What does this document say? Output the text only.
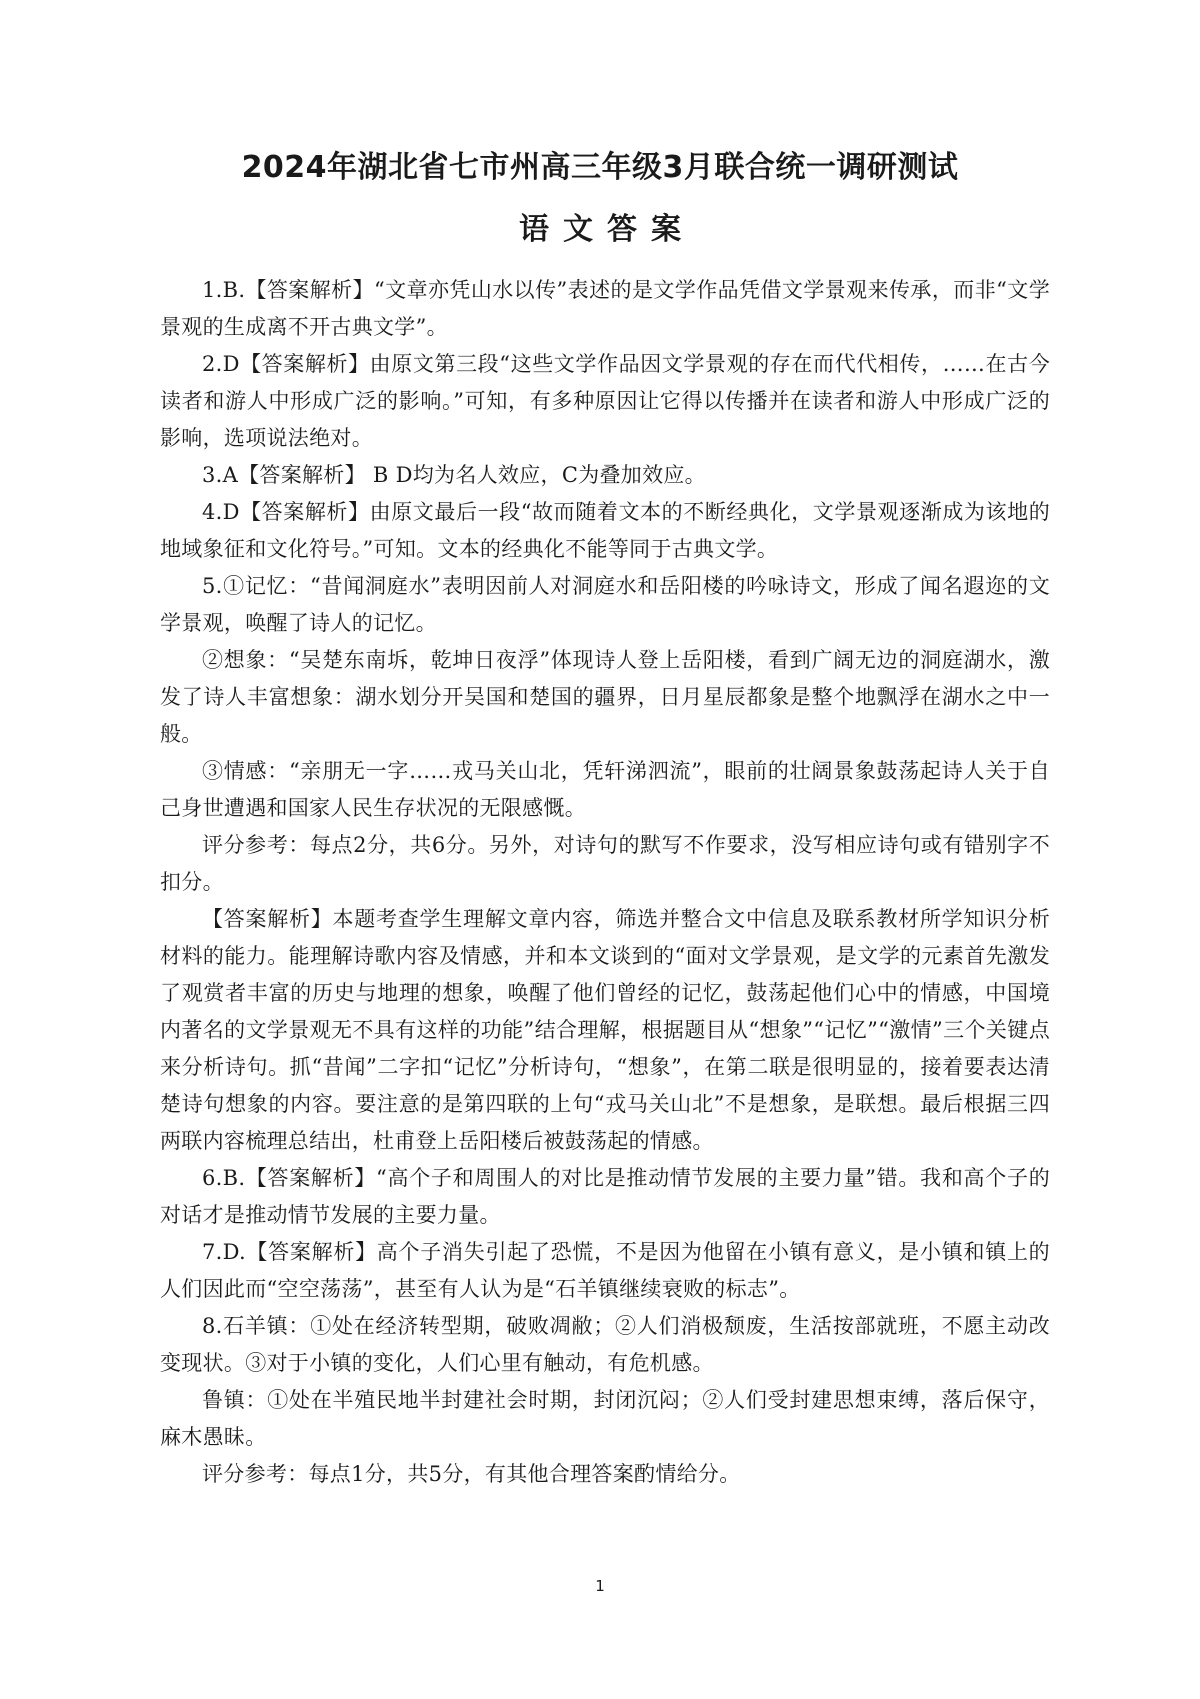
2024年湖北省七市州高三年级3月联合统一调研测试
语文答案

1.B.【答案解析】“文章亦凭山水以传”表述的是文学作品凭借文学景观来传承，而非“文学景观的生成离不开古典文学”。

2.D【答案解析】由原文第三段“这些文学作品因文学景观的存在而代代相传，……在古今读者和游人中形成广泛的影响。”可知，有多种原因让它得以传播并在读者和游人中形成广泛的影响，选项说法绝对。

3.A【答案解析】 B D均为名人效应，C为叠加效应。

4.D【答案解析】由原文最后一段“故而随着文本的不断经典化，文学景观逐渐成为该地的地域象征和文化符号。”可知。文本的经典化不能等同于古典文学。

5.①记忆：“昔闻洞庭水”表明因前人对洞庭水和岳阳楼的吟咏诗文，形成了闻名遐迩的文学景观，唤醒了诗人的记忆。

②想象：“吴楚东南坼，乾坤日夜浮”体现诗人登上岳阳楼，看到广阔无边的洞庭湖水，激发了诗人丰富想象：湖水划分开吴国和楚国的疆界，日月星辰都象是整个地飘浮在湖水之中一般。

③情感：“亲朋无一字……戎马关山北，凭轩涕泗流”，眼前的壮阔景象鼓荡起诗人关于自己身世遭遇和国家人民生存状况的无限感慨。

评分参考：每点2分，共6分。另外，对诗句的默写不作要求，没写相应诗句或有错别字不扣分。

【答案解析】本题考查学生理解文章内容，筛选并整合文中信息及联系教材所学知识分析材料的能力。能理解诗歌内容及情感，并和本文谈到的“面对文学景观，是文学的元素首先激发了观赏者丰富的历史与地理的想象，唤醒了他们曾经的记忆，鼓荡起他们心中的情感，中国境内著名的文学景观无不具有这样的功能”结合理解，根据题目从“想象”“记忆”“激情”三个关键点来分析诗句。抓“昔闻”二字扣“记忆”分析诗句，“想象”，在第二联是很明显的，接着要表达清楚诗句想象的内容。要注意的是第四联的上句“戎马关山北”不是想象，是联想。最后根据三四两联内容梳理总结出，杜甫登上岳阳楼后被鼓荡起的情感。

6.B.【答案解析】“高个子和周围人的对比是推动情节发展的主要力量”错。我和高个子的对话才是推动情节发展的主要力量。

7.D.【答案解析】高个子消失引起了恐慌，不是因为他留在小镇有意义，是小镇和镇上的人们因此而“空空荡荡”，甚至有人认为是“石羊镇继续衰败的标志”。

8.石羊镇：①处在经济转型期，破败凋敝；②人们消极颓废，生活按部就班，不愿主动改变现状。③对于小镇的变化，人们心里有触动，有危机感。

鲁镇：①处在半殖民地半封建社会时期，封闭沉闷；②人们受封建思想束缚，落后保守，麻木愚昧。

评分参考：每点1分，共5分，有其他合理答案酌情给分。

1
